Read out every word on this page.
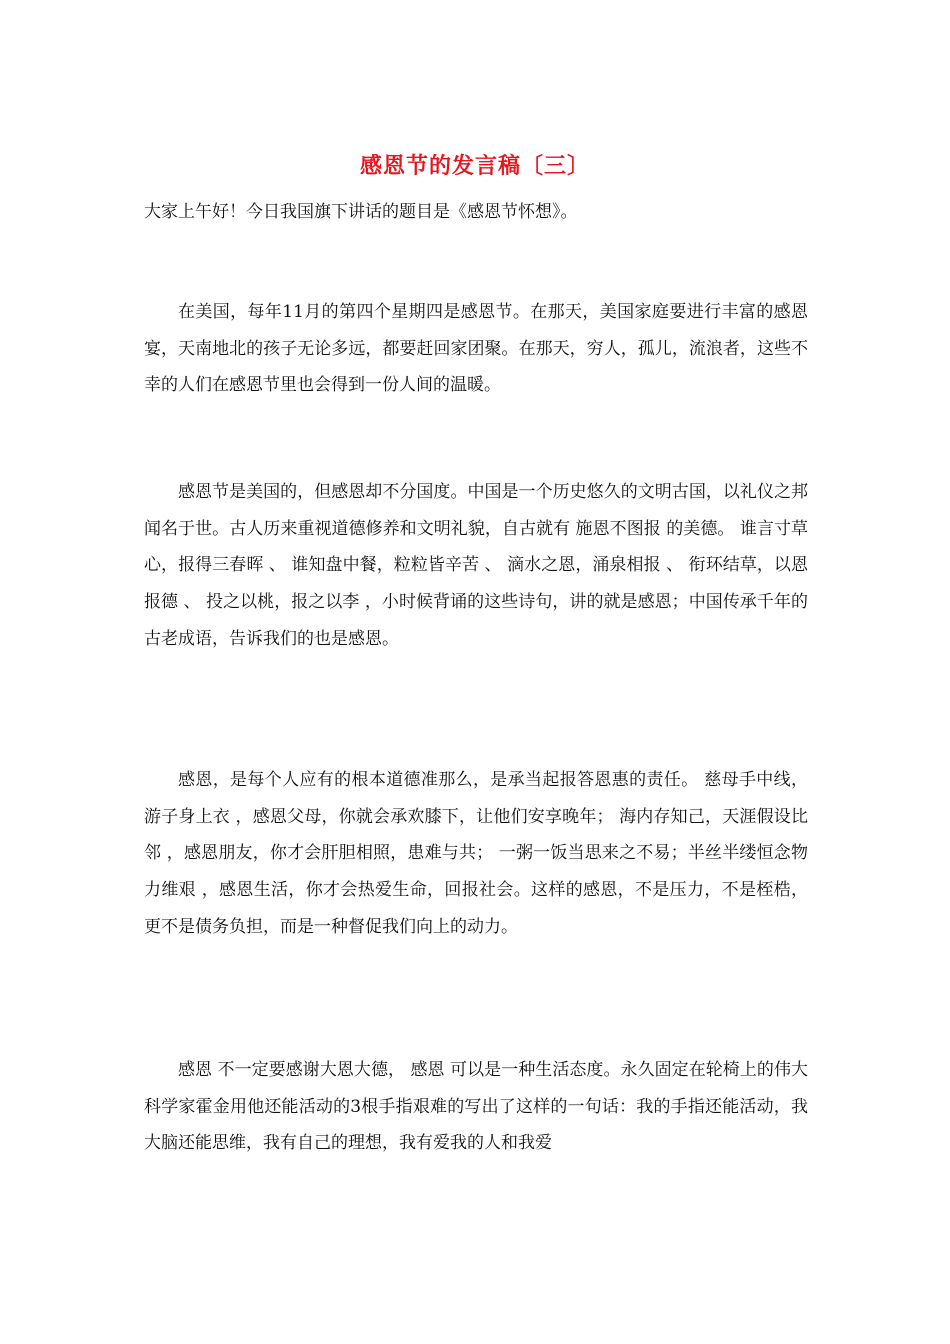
感恩节的发言稿〔三〕
大家上午好！今日我国旗下讲话的题目是《感恩节怀想》。

在美国，每年11月的第四个星期四是感恩节。在那天，美国家庭要进行丰富的感恩宴，天南地北的孩子无论多远，都要赶回家团聚。在那天，穷人，孤儿，流浪者，这些不幸的人们在感恩节里也会得到一份人间的温暖。

感恩节是美国的，但感恩却不分国度。中国是一个历史悠久的文明古国，以礼仪之邦 闻名于世。古人历来重视道德修养和文明礼貌，自古就有 施恩不图报 的美德。 谁言寸草心，报得三春晖 、 谁知盘中餐，粒粒皆辛苦 、 滴水之恩，涌泉相报 、 衔环结草，以恩报德 、 投之以桃，报之以李 ，小时候背诵的这些诗句，讲的就是感恩；中国传承千年的古老成语，告诉我们的也是感恩。

感恩，是每个人应有的根本道德准那么，是承当起报答恩惠的责任。 慈母手中线，游子身上衣 ，感恩父母，你就会承欢膝下，让他们安享晚年； 海内存知己，天涯假设比邻 ，感恩朋友，你才会肝胆相照，患难与共； 一粥一饭当思来之不易；半丝半缕恒念物力维艰 ，感恩生活，你才会热爱生命，回报社会。这样的感恩，不是压力，不是桎梏，更不是债务负担，而是一种督促我们向上的动力。

感恩 不一定要感谢大恩大德， 感恩 可以是一种生活态度。永久固定在轮椅上的伟大科学家霍金用他还能活动的3根手指艰难的写出了这样的一句话：我的手指还能活动，我大脑还能思维，我有自己的理想，我有爱我的人和我爱
